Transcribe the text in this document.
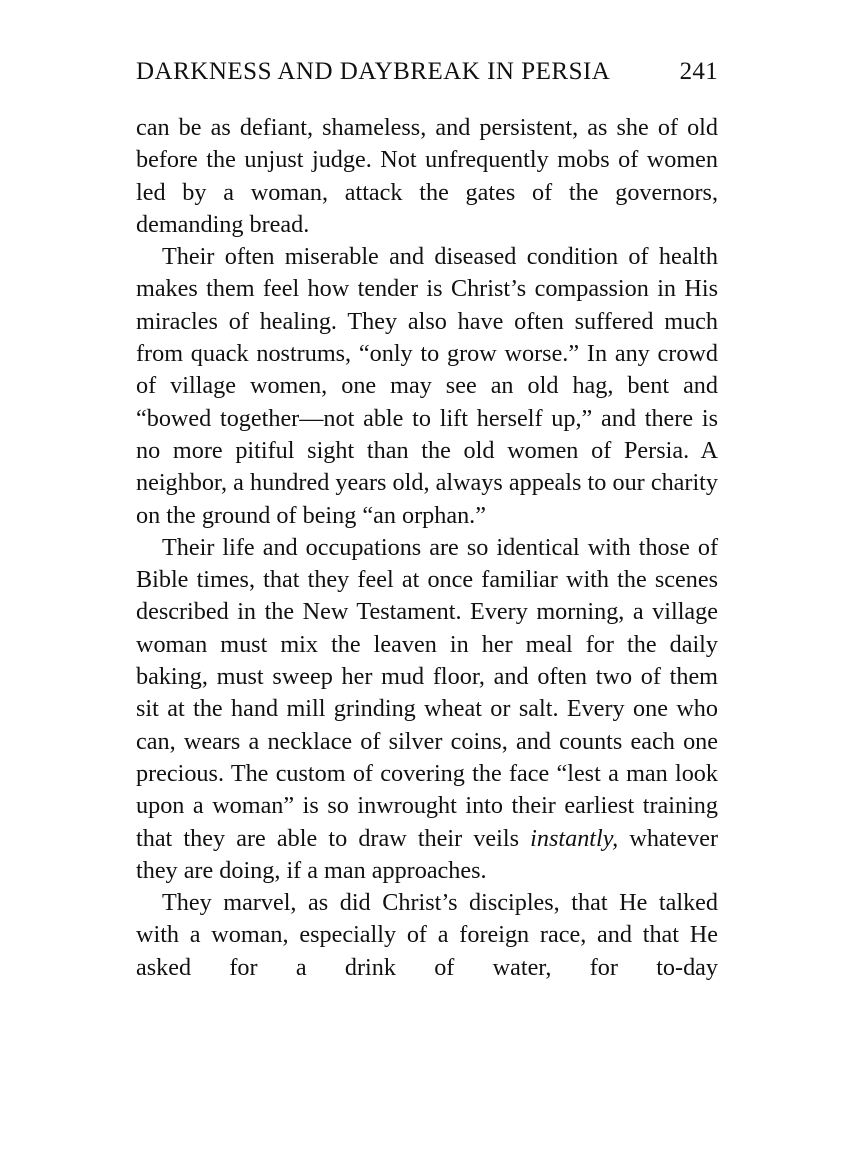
DARKNESS AND DAYBREAK IN PERSIA	241

can be as defiant, shameless, and persistent, as she of old before the unjust judge. Not unfrequently mobs of women led by a woman, attack the gates of the governors, demanding bread.

Their often miserable and diseased condition of health makes them feel how tender is Christ’s compassion in His miracles of healing. They also have often suffered much from quack nostrums, “only to grow worse.” In any crowd of village women, one may see an old hag, bent and “bowed together—not able to lift herself up,” and there is no more pitiful sight than the old women of Persia. A neighbor, a hundred years old, always appeals to our charity on the ground of being “an orphan.”

Their life and occupations are so identical with those of Bible times, that they feel at once familiar with the scenes described in the New Testament. Every morning, a village woman must mix the leaven in her meal for the daily baking, must sweep her mud floor, and often two of them sit at the hand mill grinding wheat or salt. Every one who can, wears a necklace of silver coins, and counts each one precious. The custom of covering the face “lest a man look upon a woman” is so inwrought into their earliest training that they are able to draw their veils instantly, whatever they are doing, if a man approaches.

They marvel, as did Christ’s disciples, that He talked with a woman, especially of a foreign race, and that He asked for a drink of water, for to-day
